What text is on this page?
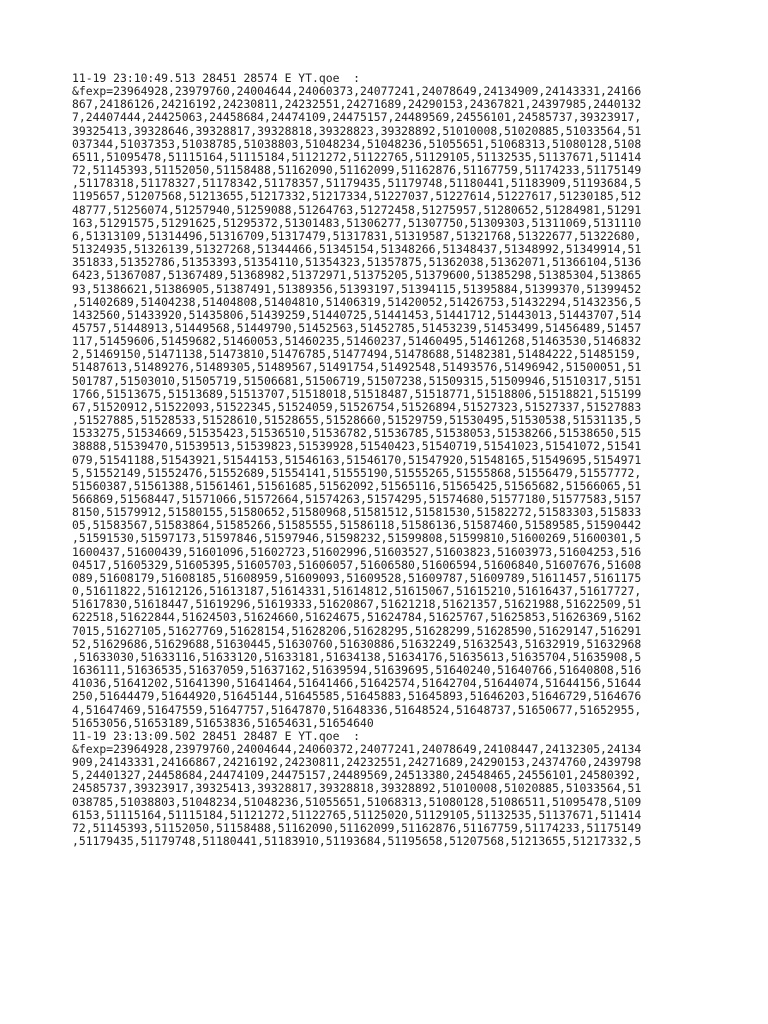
11-19 23:10:49.513 28451 28574 E YT.qoe  :
&fexp=23964928,23979760,24004644,24060373,24077241,24078649,24134909,24143331,24166
867,24186126,24216192,24230811,24232551,24271689,24290153,24367821,24397985,2440132
7,24407444,24425063,24458684,24474109,24475157,24489569,24556101,24585737,39323917,
39325413,39328646,39328817,39328818,39328823,39328892,51010008,51020885,51033564,51
037344,51037353,51038785,51038803,51048234,51048236,51055651,51068313,51080128,5108
6511,51095478,51115164,51115184,51121272,51122765,51129105,51132535,51137671,511414
72,51145393,51152050,51158488,51162090,51162099,51162876,51167759,51174233,51175149
,51178318,51178327,51178342,51178357,51179435,51179748,51180441,51183909,51193684,5
1195657,51207568,51213655,51217332,51217334,51227037,51227614,51227617,51230185,512
48777,51256074,51257940,51259088,51264763,51272458,51275957,51280652,51284981,51291
163,51291575,51291625,51295372,51301483,51306277,51307750,51309303,51311069,5131110
6,51313109,51314496,51316709,51317479,51317831,51319587,51321768,51322677,51322680,
51324935,51326139,51327268,51344466,51345154,51348266,51348437,51348992,51349914,51
351833,51352786,51353393,51354110,51354323,51357875,51362038,51362071,51366104,5136
6423,51367087,51367489,51368982,51372971,51375205,51379600,51385298,51385304,513865
93,51386621,51386905,51387491,51389356,51393197,51394115,51395884,51399370,51399452
,51402689,51404238,51404808,51404810,51406319,51420052,51426753,51432294,51432356,5
1432560,51433920,51435806,51439259,51440725,51441453,51441712,51443013,51443707,514
45757,51448913,51449568,51449790,51452563,51452785,51453239,51453499,51456489,51457
117,51459606,51459682,51460053,51460235,51460237,51460495,51461268,51463530,5146832
2,51469150,51471138,51473810,51476785,51477494,51478688,51482381,51484222,51485159,
51487613,51489276,51489305,51489567,51491754,51492548,51493576,51496942,51500051,51
501787,51503010,51505719,51506681,51506719,51507238,51509315,51509946,51510317,5151
1766,51513675,51513689,51513707,51518018,51518487,51518771,51518806,51518821,515199
67,51520912,51522093,51522345,51524059,51526754,51526894,51527323,51527337,51527883
,51527885,51528533,51528610,51528655,51528660,51529759,51530495,51530538,51531135,5
1533275,51534669,51535423,51536510,51536782,51536785,51538053,51538266,51538650,515
38888,51539470,51539513,51539823,51539928,51540423,51540719,51541023,51541072,51541
079,51541188,51543921,51544153,51546163,51546170,51547920,51548165,51549695,5154971
5,51552149,51552476,51552689,51554141,51555190,51555265,51555868,51556479,51557772,
51560387,51561388,51561461,51561685,51562092,51565116,51565425,51565682,51566065,51
566869,51568447,51571066,51572664,51574263,51574295,51574680,51577180,51577583,5157
8150,51579912,51580155,51580652,51580968,51581512,51581530,51582272,51583303,515833
05,51583567,51583864,51585266,51585555,51586118,51586136,51587460,51589585,51590442
,51591530,51597173,51597846,51597946,51598232,51599808,51599810,51600269,51600301,5
1600437,51600439,51601096,51602723,51602996,51603527,51603823,51603973,51604253,516
04517,51605329,51605395,51605703,51606057,51606580,51606594,51606840,51607676,51608
089,51608179,51608185,51608959,51609093,51609528,51609787,51609789,51611457,5161175
0,51611822,51612126,51613187,51614331,51614812,51615067,51615210,51616437,51617727,
51617830,51618447,51619296,51619333,51620867,51621218,51621357,51621988,51622509,51
622518,51622844,51624503,51624660,51624675,51624784,51625767,51625853,51626369,5162
7015,51627105,51627769,51628154,51628206,51628295,51628299,51628590,51629147,516291
52,51629686,51629688,51630445,51630760,51630886,51632249,51632543,51632919,51632968
,51633030,51633116,51633120,51633181,51634138,51634176,51635613,51635704,51635908,5
1636111,51636535,51637059,51637162,51639594,51639695,51640240,51640766,51640808,516
41036,51641202,51641390,51641464,51641466,51642574,51642704,51644074,51644156,51644
250,51644479,51644920,51645144,51645585,51645883,51645893,51646203,51646729,5164676
4,51647469,51647559,51647757,51647870,51648336,51648524,51648737,51650677,51652955,
51653056,51653189,51653836,51654631,51654640
11-19 23:13:09.502 28451 28487 E YT.qoe  :
&fexp=23964928,23979760,24004644,24060372,24077241,24078649,24108447,24132305,24134
909,24143331,24166867,24216192,24230811,24232551,24271689,24290153,24374760,2439798
5,24401327,24458684,24474109,24475157,24489569,24513380,24548465,24556101,24580392,
24585737,39323917,39325413,39328817,39328818,39328892,51010008,51020885,51033564,51
038785,51038803,51048234,51048236,51055651,51068313,51080128,51086511,51095478,5109
6153,51115164,51115184,51121272,51122765,51125020,51129105,51132535,51137671,511414
72,51145393,51152050,51158488,51162090,51162099,51162876,51167759,51174233,51175149
,51179435,51179748,51180441,51183910,51193684,51195658,51207568,51213655,51217332,5
